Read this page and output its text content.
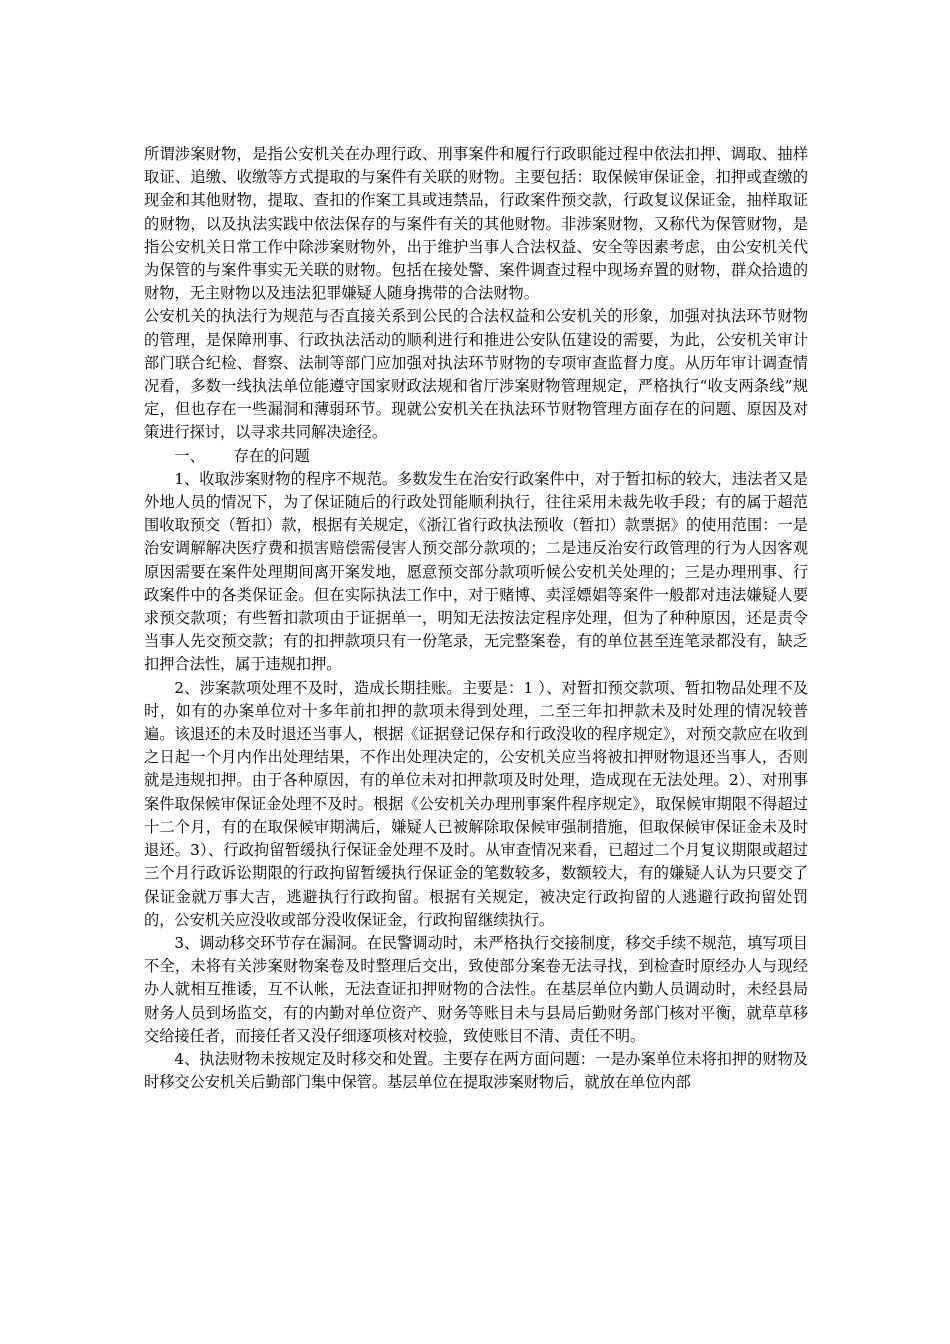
所谓涉案财物，是指公安机关在办理行政、刑事案件和履行行政职能过程中依法扣押、调取、抽样取证、追缴、收缴等方式提取的与案件有关联的财物。主要包括：取保候审保证金，扣押或查缴的现金和其他财物，提取、查扣的作案工具或违禁品，行政案件预交款，行政复议保证金，抽样取证的财物，以及执法实践中依法保存的与案件有关的其他财物。非涉案财物，又称代为保管财物，是指公安机关日常工作中除涉案财物外，出于维护当事人合法权益、安全等因素考虑，由公安机关代为保管的与案件事实无关联的财物。包括在接处警、案件调查过程中现场弃置的财物，群众拾遗的财物，无主财物以及违法犯罪嫌疑人随身携带的合法财物。

公安机关的执法行为规范与否直接关系到公民的合法权益和公安机关的形象，加强对执法环节财物的管理，是保障刑事、行政执法活动的顺利进行和推进公安队伍建设的需要，为此，公安机关审计部门联合纪检、督察、法制等部门应加强对执法环节财物的专项审查监督力度。从历年审计调查情况看，多数一线执法单位能遵守国家财政法规和省厅涉案财物管理规定，严格执行“收支两条线”规定，但也存在一些漏洞和薄弱环节。现就公安机关在执法环节财物管理方面存在的问题、原因及对策进行探讨，以寻求共同解决途径。

一、      存在的问题

1、收取涉案财物的程序不规范。多数发生在治安行政案件中，对于暂扣标的较大，违法者又是外地人员的情况下，为了保证随后的行政处罚能顺利执行，往往采用未裁先收手段；有的属于超范围收取预交（暂扣）款，根据有关规定，《浙江省行政执法预收（暂扣）款票据》的使用范围：一是治安调解解决医疗费和损害赔偿需侵害人预交部分款项的；二是违反治安行政管理的行为人因客观原因需要在案件处理期间离开案发地，愿意预交部分款项听候公安机关处理的；三是办理刑事、行政案件中的各类保证金。但在实际执法工作中，对于赌博、卖淫嫖娼等案件一般都对违法嫌疑人要求预交款项；有些暂扣款项由于证据单一，明知无法按法定程序处理，但为了种种原因，还是责令当事人先交预交款；有的扣押款项只有一份笔录，无完整案卷，有的单位甚至连笔录都没有，缺乏扣押合法性，属于违规扣押。

2、涉案款项处理不及时，造成长期挂账。主要是：1 ）、对暂扣预交款项、暂扣物品处理不及时，如有的办案单位对十多年前扣押的款项未得到处理，二至三年扣押款未及时处理的情况较普遍。该退还的未及时退还当事人，根据《证据登记保存和行政没收的程序规定》，对预交款应在收到之日起一个月内作出处理结果，不作出处理决定的，公安机关应当将被扣押财物退还当事人，否则就是违规扣押。由于各种原因，有的单位未对扣押款项及时处理，造成现在无法处理。2）、对刑事案件取保候审保证金处理不及时。根据《公安机关办理刑事案件程序规定》，取保候审期限不得超过十二个月，有的在取保候审期满后，嫌疑人已被解除取保候审强制措施，但取保候审保证金未及时退还。3）、行政拘留暂缓执行保证金处理不及时。从审查情况来看，已超过二个月复议期限或超过三个月行政诉讼期限的行政拘留暂缓执行保证金的笔数较多，数额较大，有的嫌疑人认为只要交了保证金就万事大吉，逃避执行行政拘留。根据有关规定，被决定行政拘留的人逃避行政拘留处罚的，公安机关应没收或部分没收保证金，行政拘留继续执行。

3、调动移交环节存在漏洞。在民警调动时，未严格执行交接制度，移交手续不规范，填写项目不全，未将有关涉案财物案卷及时整理后交出，致使部分案卷无法寻找，到检查时原经办人与现经办人就相互推诿，互不认帐，无法查证扣押财物的合法性。在基层单位内勤人员调动时，未经县局财务人员到场监交，有的内勤对单位资产、财务等账目未与县局后勤财务部门核对平衡，就草草移交给接任者，而接任者又没仔细逐项核对校验，致使账目不清、责任不明。

4、执法财物未按规定及时移交和处置。主要存在两方面问题：一是办案单位未将扣押的财物及时移交公安机关后勤部门集中保管。基层单位在提取涉案财物后，就放在单位内部
